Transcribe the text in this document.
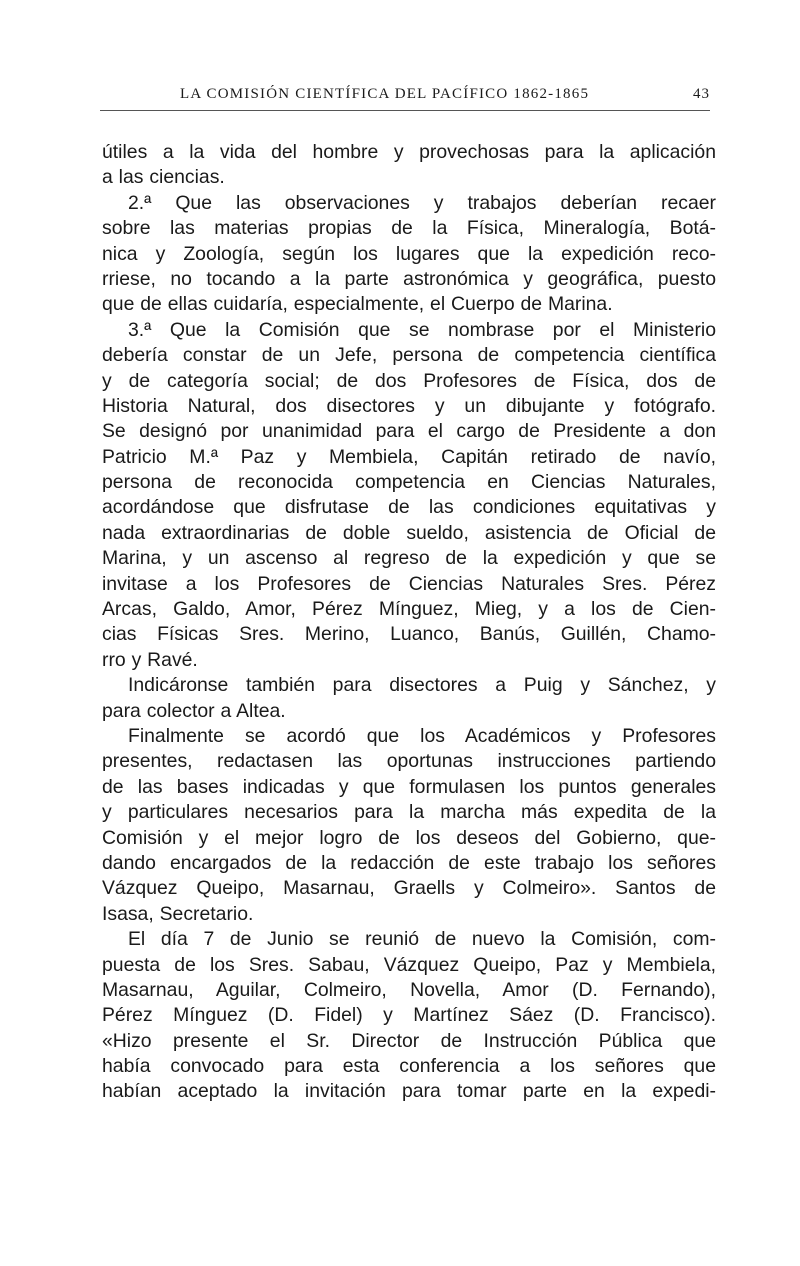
LA COMISIÓN CIENTÍFICA DEL PACÍFICO 1862-1865	43
útiles a la vida del hombre y provechosas para la aplicación
a las ciencias.
2.ª Que las observaciones y trabajos deberían recaer
sobre las materias propias de la Física, Mineralogía, Botá-
nica y Zoología, según los lugares que la expedición reco-
rriese, no tocando a la parte astronómica y geográfica, puesto
que de ellas cuidaría, especialmente, el Cuerpo de Marina.
3.ª Que la Comisión que se nombrase por el Ministerio
debería constar de un Jefe, persona de competencia científica
y de categoría social; de dos Profesores de Física, dos de
Historia Natural, dos disectores y un dibujante y fotógrafo.
Se designó por unanimidad para el cargo de Presidente a don
Patricio M.ª Paz y Membiela, Capitán retirado de navío,
persona de reconocida competencia en Ciencias Naturales,
acordándose que disfrutase de las condiciones equitativas y
nada extraordinarias de doble sueldo, asistencia de Oficial de
Marina, y un ascenso al regreso de la expedición y que se
invitase a los Profesores de Ciencias Naturales Sres. Pérez
Arcas, Galdo, Amor, Pérez Mínguez, Mieg, y a los de Cien-
cias Físicas Sres. Merino, Luanco, Banús, Guillén, Chamo-
rro y Ravé.
Indicáronse también para disectores a Puig y Sánchez, y
para colector a Altea.
Finalmente se acordó que los Académicos y Profesores
presentes, redactasen las oportunas instrucciones partiendo
de las bases indicadas y que formulasen los puntos generales
y particulares necesarios para la marcha más expedita de la
Comisión y el mejor logro de los deseos del Gobierno, que-
dando encargados de la redacción de este trabajo los señores
Vázquez Queipo, Masarnau, Graells y Colmeiro». Santos de
Isasa, Secretario.
El día 7 de Junio se reunió de nuevo la Comisión, com-
puesta de los Sres. Sabau, Vázquez Queipo, Paz y Membiela,
Masarnau, Aguilar, Colmeiro, Novella, Amor (D. Fernando),
Pérez Mínguez (D. Fidel) y Martínez Sáez (D. Francisco).
«Hizo presente el Sr. Director de Instrucción Pública que
había convocado para esta conferencia a los señores que
habían aceptado la invitación para tomar parte en la expedi-
